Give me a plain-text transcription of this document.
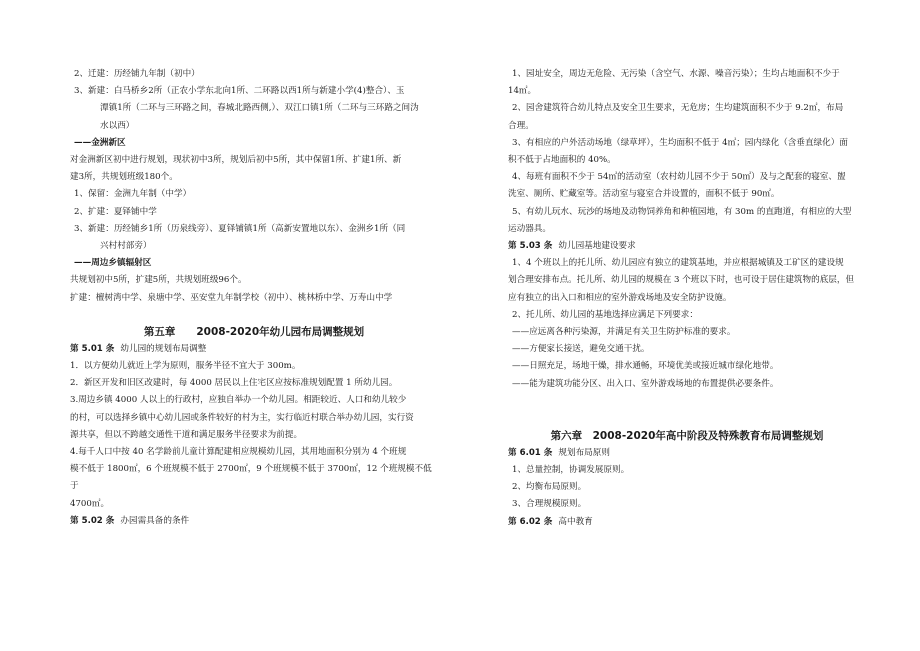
2、迁建：历经铺九年制（初中）

3、新建：白马桥乡2所（正农小学东北向1所、二环路以西1所与新建小学(4)整合）、玉

潭镇1所（二环与三环路之间，春城北路西侧,）、双江口镇1所（二环与三环路之间沩

水以西）

——金洲新区

对金洲新区初中进行规划，现状初中3所，规划后初中5所，其中保留1所、扩建1所、新

建3所，共规划班级180个。

1、保留：金洲九年制（中学）

2、扩建：夏铎铺中学

3、新建：历经铺乡1所（历泉线旁）、夏铎铺镇1所（高新安置地以东）、金洲乡1所（同

兴村村部旁）

——周边乡镇辐射区

共规划初中5所，扩建5所，共规划班级96个。

扩建：檀树湾中学、泉塘中学、巫安堂九年制学校（初中）、桃林桥中学、万寿山中学

第五章　　2008-2020年幼儿园布局调整规划

第 5.01 条 幼儿园的规划布局调整

1．以方便幼儿就近上学为原则，服务半径不宜大于 300m。

2．新区开发和旧区改建时，每 4000 居民以上住宅区应按标准规划配置 1 所幼儿园。

3.周边乡镇 4000 人以上的行政村，应独自举办一个幼儿园。相距较近、人口和幼儿较少

的村，可以选择乡镇中心幼儿园或条件较好的村为主，实行临近村联合举办幼儿园，实行资

源共享，但以不跨越交通性干道和满足服务半径要求为前提。

4.每千人口中按 40 名学龄前儿童计算配建相应规模幼儿园，其用地面积分别为 4 个班规

模不低于 1800㎡，6 个班规模不低于 2700㎡，9 个班规模不低于 3700㎡，12 个班规模不低于

4700㎡。

第 5.02 条 办园需具备的条件

1、园址安全，周边无危险、无污染（含空气、水源、噪音污染）；生均占地面积不少于

14㎡。

2、园舍建筑符合幼儿特点及安全卫生要求，无危房；生均建筑面积不少于 9.2㎡，布局

合理。

3、有相应的户外活动场地（绿草坪），生均面积不低于 4㎡；园内绿化（含垂直绿化）面

积不低于占地面积的 40%。

4、每班有面积不少于 54㎡的活动室（农村幼儿园不少于 50㎡）及与之配套的寝室、盥

洗室、厕所、贮藏室等。活动室与寝室合并设置的，面积不低于 90㎡。

5、有幼儿玩水、玩沙的场地及动物饲养角和种植园地，有 30m 的直跑道，有相应的大型

运动器具。

第 5.03 条 幼儿园基地建设要求

1、4 个班以上的托儿所、幼儿园应有独立的建筑基地，并应根据城镇及工矿区的建设规

划合理安排布点。托儿所、幼儿园的规模在 3 个班以下时，也可设于居住建筑物的底层，但

应有独立的出入口和相应的室外游戏场地及安全防护设施。

2、托儿所、幼儿园的基地选择应满足下列要求：

——应远离各种污染源，并满足有关卫生防护标准的要求。

——方便家长接送，避免交通干扰。

——日照充足，场地干燥，排水通畅，环境优美或接近城市绿化地带。

——能为建筑功能分区、出入口、室外游戏场地的布置提供必要条件。

第六章　2008-2020年高中阶段及特殊教育布局调整规划

第 6.01 条 规划布局原则

1、总量控制，协调发展原则。

2、均衡布局原则。

3、合理规模原则。

第 6.02 条 高中教育
